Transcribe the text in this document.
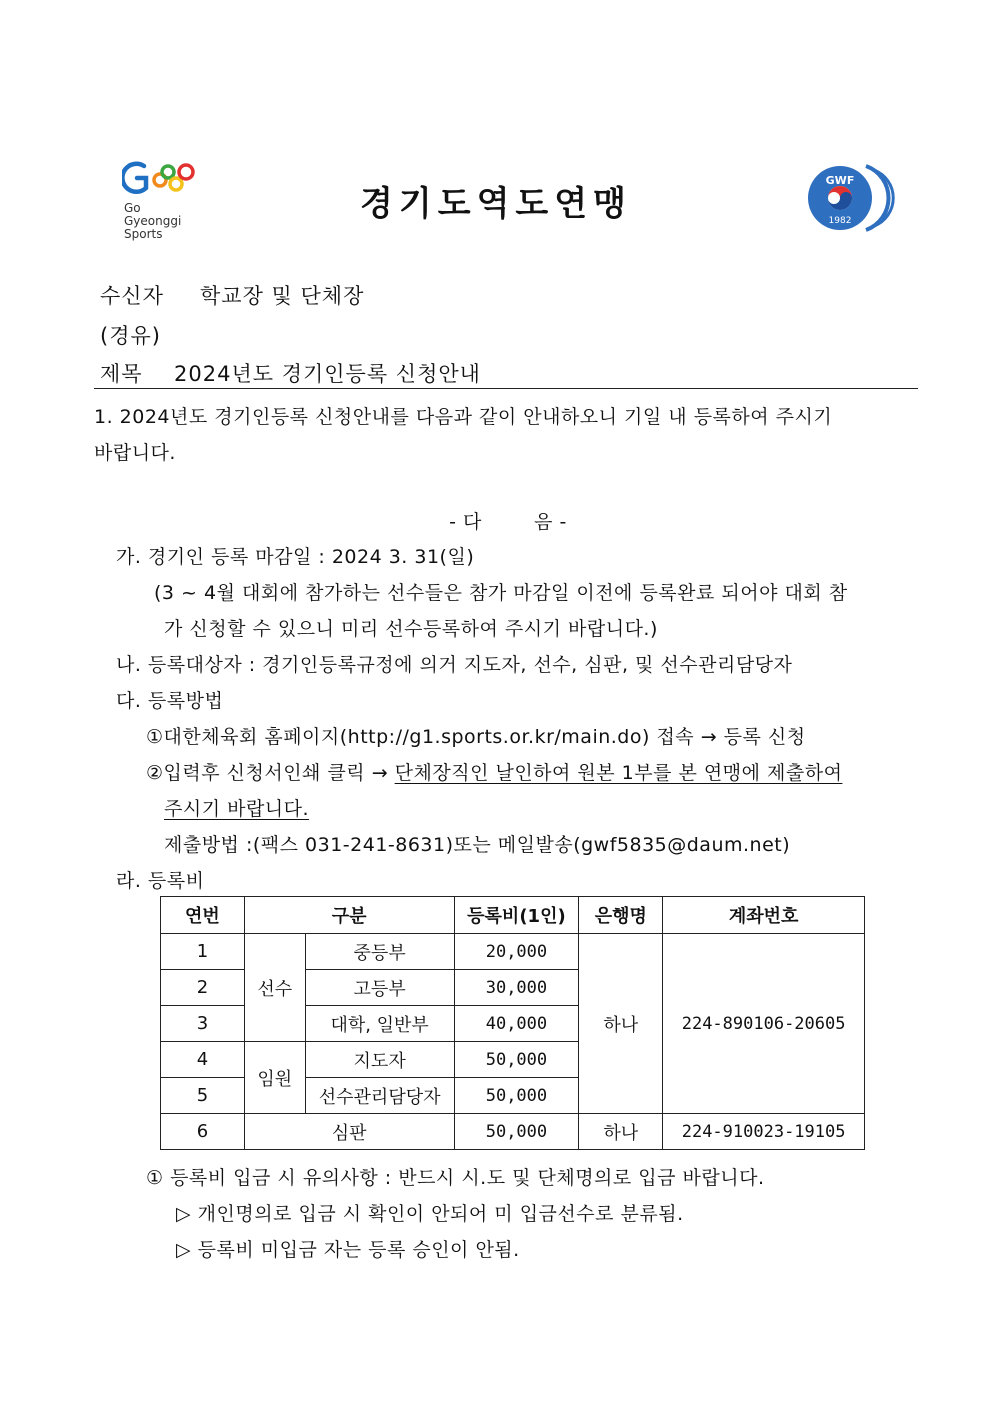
Go
Gyeonggi
Sports
경기도역도연맹
GWF
1982
수신자 학교장 및 단체장
(경유)
제목 2024년도 경기인등록 신청안내
1. 2024년도 경기인등록 신청안내를 다음과 같이 안내하오니 기일 내 등록하여 주시기
바랍니다.
- 다        음 -
가. 경기인 등록 마감일 : 2024 3. 31(일)
(3 ~ 4월 대회에 참가하는 선수들은 참가 마감일 이전에 등록완료 되어야 대회 참
가 신청할 수 있으니 미리 선수등록하여 주시기 바랍니다.)
나. 등록대상자 : 경기인등록규정에 의거 지도자, 선수, 심판, 및 선수관리담당자
다. 등록방법
①대한체육회 홈페이지(http://g1.sports.or.kr/main.do) 접속 → 등록 신청
②입력후 신청서인쇄 클릭 → 단체장직인 날인하여 원본 1부를 본 연맹에 제출하여
주시기 바랍니다.
제출방법 :(팩스 031-241-8631)또는 메일발송(gwf5835@daum.net)
라. 등록비
연번	구분		등록비(1인)	은행명	계좌번호
1	선수	중등부	20,000	하나	224-890106-20605
2		고등부	30,000		
3		대학, 일반부	40,000		
4	임원	지도자	50,000		
5		선수관리담당자	50,000		
6	심판		50,000	하나	224-910023-19105
① 등록비 입금 시 유의사항 : 반드시 시.도 및 단체명의로 입금 바랍니다.
▷ 개인명의로 입금 시 확인이 안되어 미 입금선수로 분류됨.
▷ 등록비 미입금 자는 등록 승인이 안됨.
